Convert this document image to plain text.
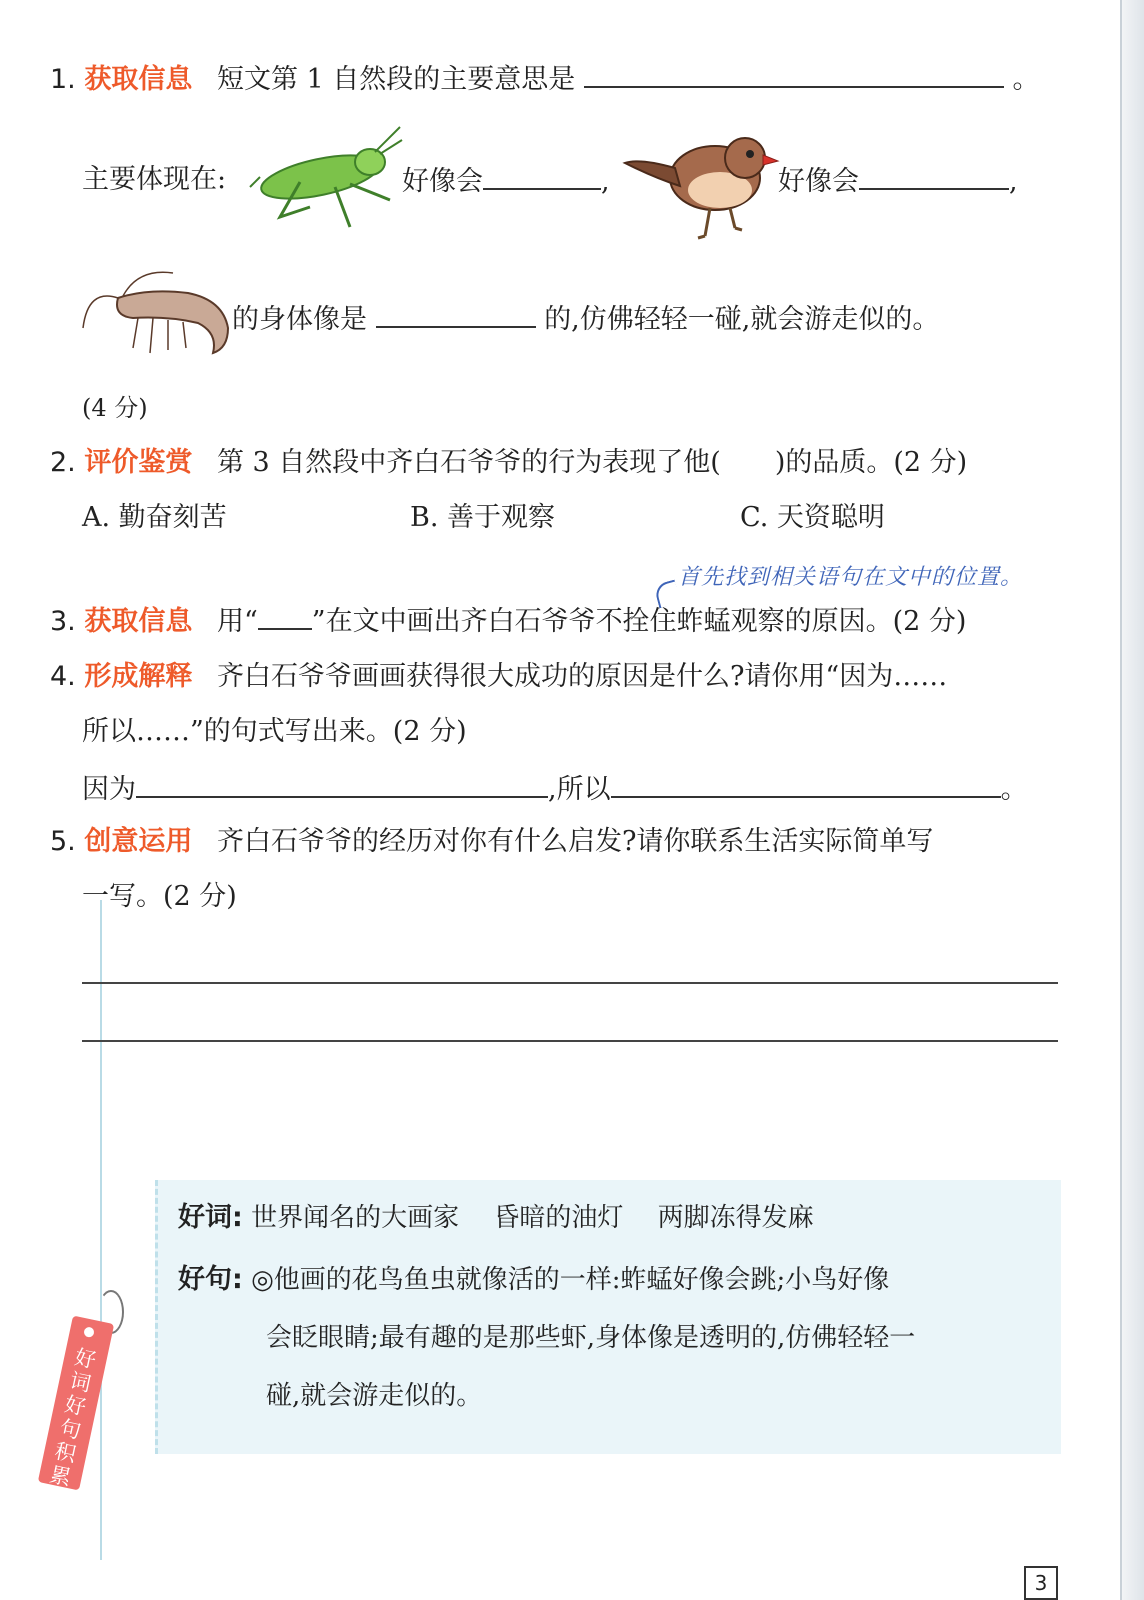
1. 获取信息 短文第 1 自然段的主要意思是	。
主要体现在:	好像会	,	好像会	,
的身体像是	的,仿佛轻轻一碰,就会游走似的。
(4 分)
2. 评价鉴赏 第 3 自然段中齐白石爷爷的行为表现了他( )的品质。(2 分)
A. 勤奋刻苦	B. 善于观察	C. 天资聪明
首先找到相关语句在文中的位置。
3. 获取信息 用“ ”在文中画出齐白石爷爷不拴住蚱蜢观察的原因。(2 分)
4. 形成解释 齐白石爷爷画画获得很大成功的原因是什么?请你用“因为……
所以……”的句式写出来。(2 分)
因为	,所以	。
5. 创意运用 齐白石爷爷的经历对你有什么启发?请你联系生活实际简单写
一写。(2 分)
好词: 世界闻名的大画家　 昏暗的油灯　 两脚冻得发麻
好句: ◎他画的花鸟鱼虫就像活的一样:蚱蜢好像会跳;小鸟好像
会眨眼睛;最有趣的是那些虾,身体像是透明的,仿佛轻轻一
碰,就会游走似的。
好词好句积累
3
